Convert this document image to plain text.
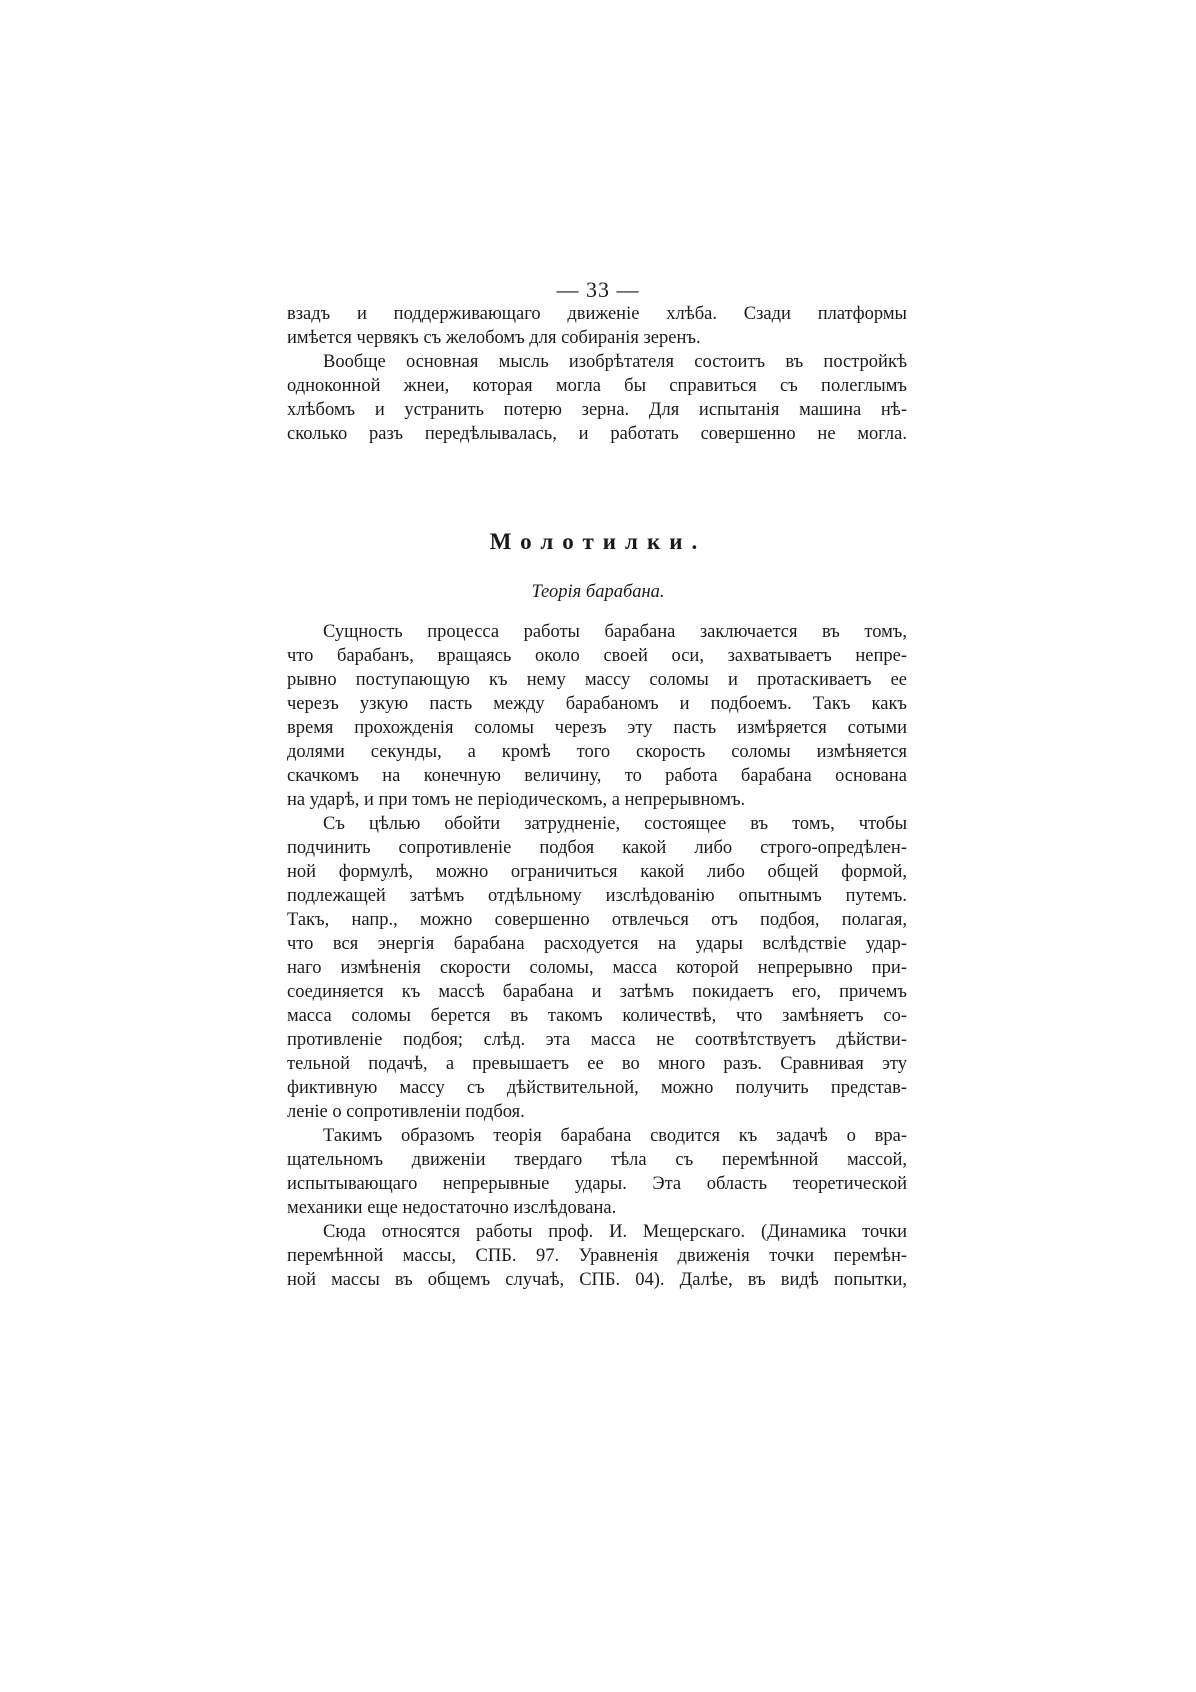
— 33 —
взадъ и поддерживающаго движеніе хлѣба. Сзади платформы
имѣется червякъ съ желобомъ для собиранія зеренъ.
Вообще основная мысль изобрѣтателя состоитъ въ постройкѣ
одноконной жнеи, которая могла бы справиться съ полеглымъ
хлѣбомъ и устранить потерю зерна. Для испытанія машина нѣ-
сколько разъ передѣлывалась, и работать совершенно не могла.
Молотилки.
Теорія барабана.
Сущность процесса работы барабана заключается въ томъ,
что барабанъ, вращаясь около своей оси, захватываетъ непре-
рывно поступающую къ нему массу соломы и протаскиваетъ ее
черезъ узкую пасть между барабаномъ и подбоемъ. Такъ какъ
время прохожденія соломы черезъ эту пасть измѣряется сотыми
долями секунды, а кромѣ того скорость соломы измѣняется
скачкомъ на конечную величину, то работа барабана основана
на ударѣ, и при томъ не періодическомъ, а непрерывномъ.
Съ цѣлью обойти затрудненіе, состоящее въ томъ, чтобы
подчинить сопротивленіе подбоя какой либо строго-опредѣлен-
ной формулѣ, можно ограничиться какой либо общей формой,
подлежащей затѣмъ отдѣльному изслѣдованію опытнымъ путемъ.
Такъ, напр., можно совершенно отвлечься отъ подбоя, полагая,
что вся энергія барабана расходуется на удары вслѣдствіе удар-
наго измѣненія скорости соломы, масса которой непрерывно при-
соединяется къ массѣ барабана и затѣмъ покидаетъ его, причемъ
масса соломы берется въ такомъ количествѣ, что замѣняетъ со-
противленіе подбоя; слѣд. эта масса не соотвѣтствуетъ дѣйстви-
тельной подачѣ, а превышаетъ ее во много разъ. Сравнивая эту
фиктивную массу съ дѣйствительной, можно получить представ-
леніе о сопротивленіи подбоя.
Такимъ образомъ теорія барабана сводится къ задачѣ о вра-
щательномъ движеніи твердаго тѣла съ перемѣнной массой,
испытывающаго непрерывные удары. Эта область теоретической
механики еще недостаточно изслѣдована.
Сюда относятся работы проф. И. Мещерскаго. (Динамика точки
перемѣнной массы, СПБ. 97. Уравненія движенія точки перемѣн-
ной массы въ общемъ случаѣ, СПБ. 04). Далѣе, въ видѣ попытки,
